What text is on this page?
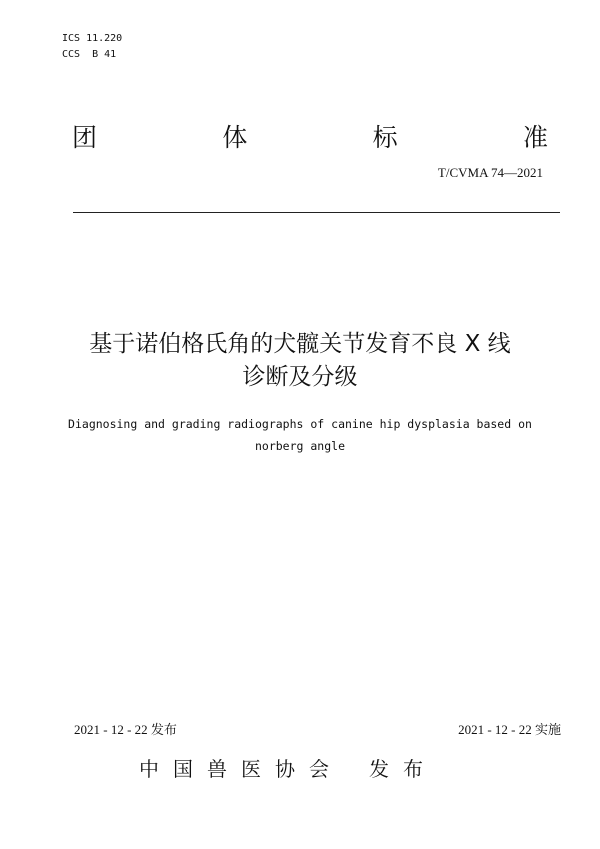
ICS 11.220
CCS  B 41
团	体	标	准
T/CVMA 74—2021
基于诺伯格氏角的犬髋关节发育不良 X 线
诊断及分级
Diagnosing and grading radiographs of canine hip dysplasia based on
norberg angle
2021 - 12 - 22 发布	2021 - 12 - 22 实施
中国兽医协会 发布
